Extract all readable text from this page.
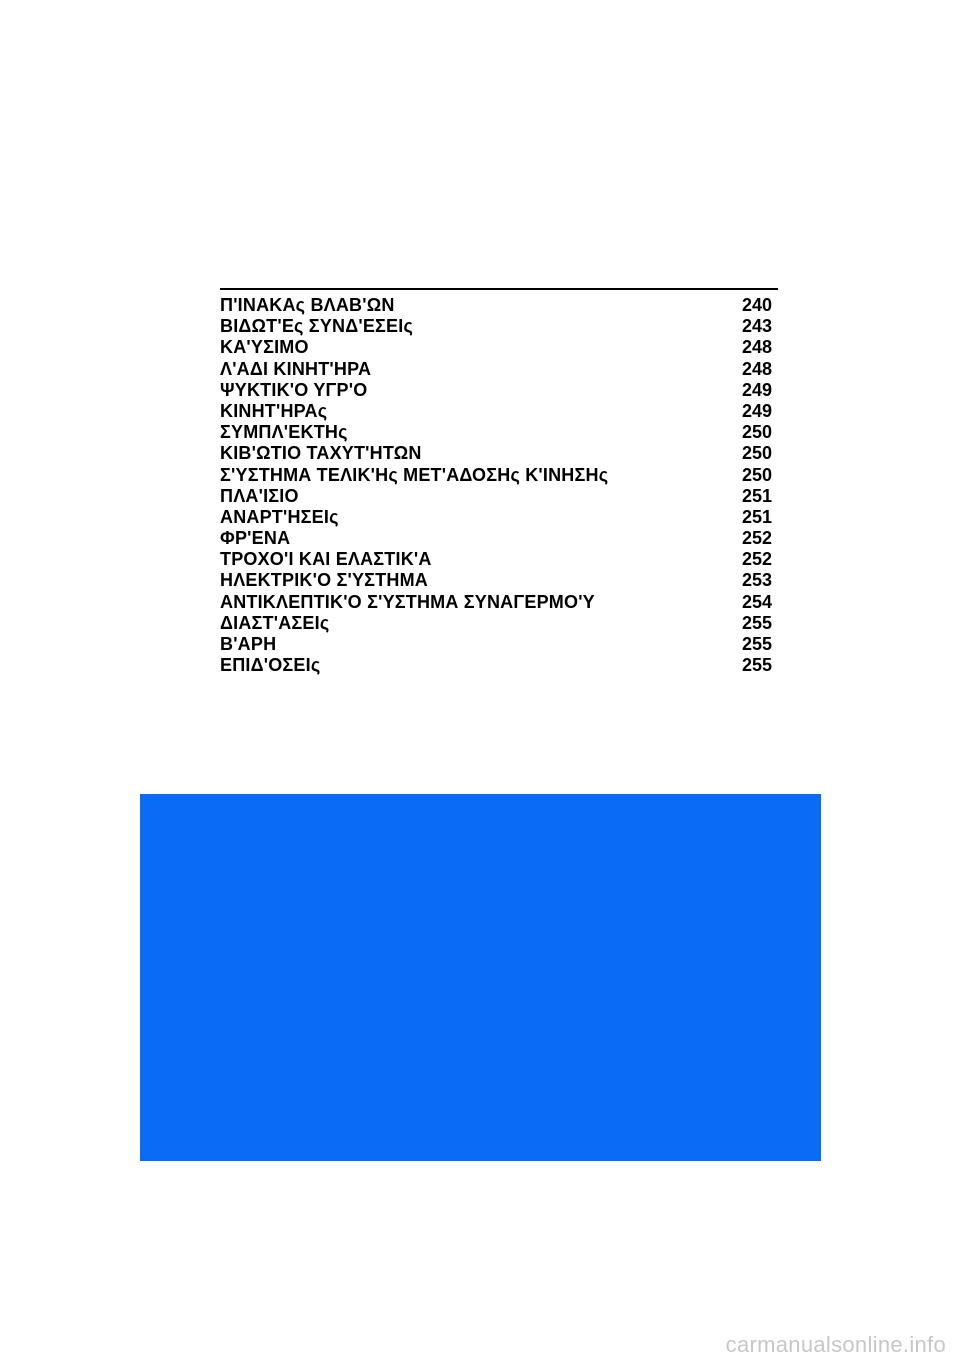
Π'ΙΝΑΚΑς ΒΛΑΒ'ΩΝ	240
ΒΙΔΩΤ'Ες ΣΥΝΔ'ΕΣΕΙς	243
ΚΑ'ΥΣΙΜΟ	248
Λ'ΑΔΙ ΚΙΝΗΤ'ΗΡΑ	248
ΨΥΚΤΙΚ'Ο ΥΓΡ'Ο	249
ΚΙΝΗΤ'ΗΡΑς	249
ΣΥΜΠΛ'ΕΚΤΗς	250
ΚΙΒ'ΩΤΙΟ ΤΑΧΥΤ'ΗΤΩΝ	250
Σ'ΥΣΤΗΜΑ ΤΕΛΙΚ'Ης ΜΕΤ'ΑΔΟΣΗς Κ'ΙΝΗΣΗς	250
ΠΛΑ'ΙΣΙΟ	251
ΑΝΑΡΤ'ΗΣΕΙς	251
ΦΡ'ΕΝΑ	252
ΤΡΟΧΟ'Ι ΚΑΙ ΕΛΑΣΤΙΚ'Α	252
ΗΛΕΚΤΡΙΚ'Ο Σ'ΥΣΤΗΜΑ	253
ΑΝΤΙΚΛΕΠΤΙΚ'Ο Σ'ΥΣΤΗΜΑ ΣΥΝΑΓΕΡΜΟ'Υ	254
ΔΙΑΣΤ'ΑΣΕΙς	255
Β'ΑΡΗ	255
ΕΠΙΔ'ΟΣΕΙς	255
carmanualsonline.info
